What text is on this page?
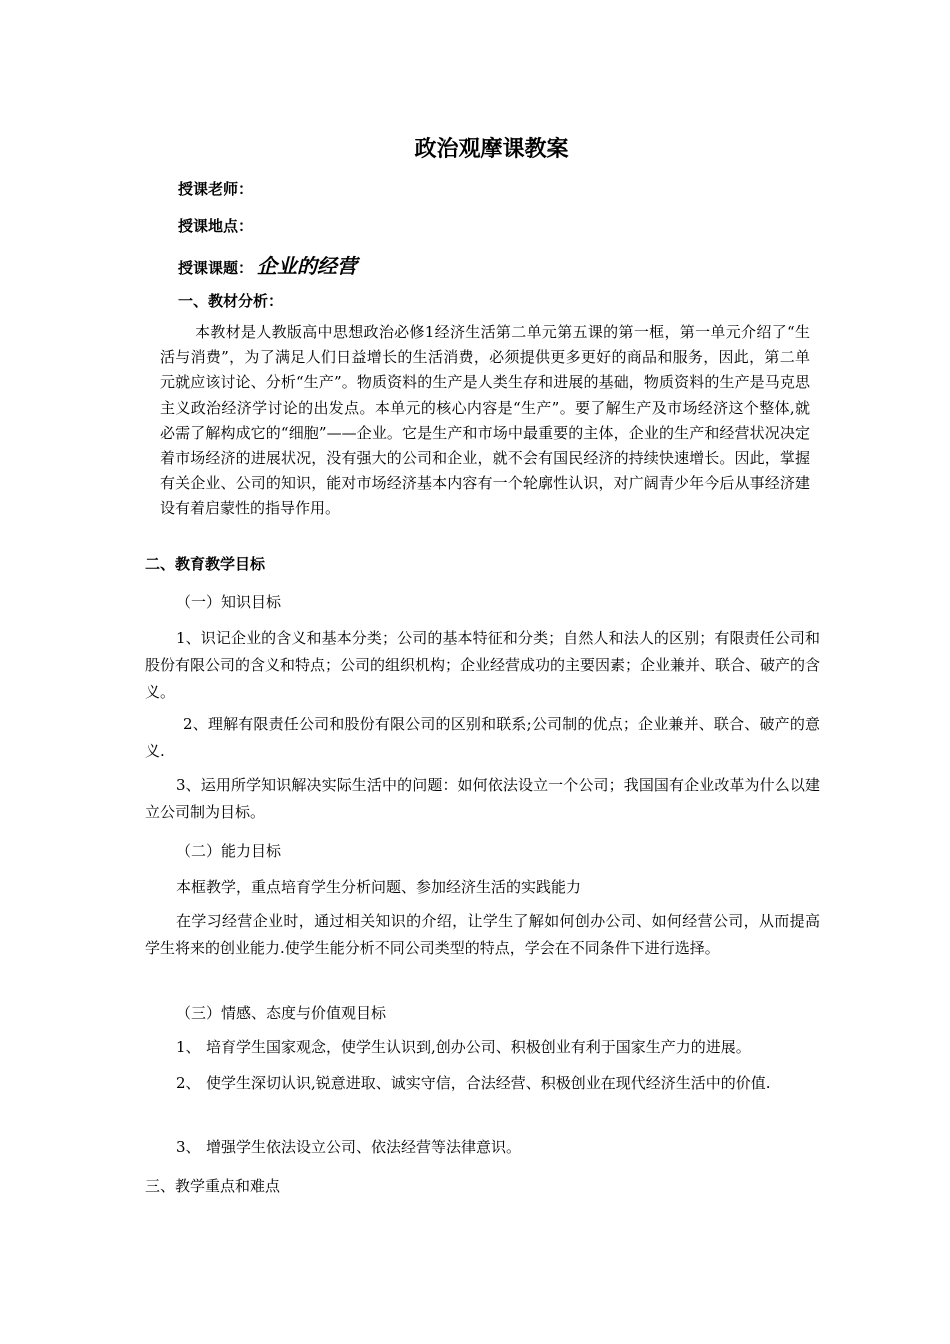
政治观摩课教案
授课老师：
授课地点：
授课课题： 企业的经营
一、教材分析：

本教材是人教版高中思想政治必修1经济生活第二单元第五课的第一框，第一单元介绍了“生活与消费”，为了满足人们日益增长的生活消费，必须提供更多更好的商品和服务，因此，第二单元就应该讨论、分析“生产”。物质资料的生产是人类生存和进展的基础，物质资料的生产是马克思主义政治经济学讨论的出发点。本单元的核心内容是“生产”。要了解生产及市场经济这个整体,就必需了解构成它的“细胞”——企业。它是生产和市场中最重要的主体，企业的生产和经营状况决定着市场经济的进展状况，没有强大的公司和企业，就不会有国民经济的持续快速增长。因此，掌握有关企业、公司的知识，能对市场经济基本内容有一个轮廓性认识，对广阔青少年今后从事经济建设有着启蒙性的指导作用。

二、教育教学目标
（一）知识目标

1、识记企业的含义和基本分类；公司的基本特征和分类；自然人和法人的区别；有限责任公司和股份有限公司的含义和特点；公司的组织机构；企业经营成功的主要因素；企业兼并、联合、破产的含义。

2、理解有限责任公司和股份有限公司的区别和联系;公司制的优点；企业兼并、联合、破产的意义.

3、运用所学知识解决实际生活中的问题：如何依法设立一个公司；我国国有企业改革为什么以建立公司制为目标。

（二）能力目标
本框教学，重点培育学生分析问题、参加经济生活的实践能力

在学习经营企业时，通过相关知识的介绍，让学生了解如何创办公司、如何经营公司，从而提高学生将来的创业能力.使学生能分析不同公司类型的特点，学会在不同条件下进行选择。

（三）情感、态度与价值观目标
1、 培育学生国家观念，使学生认识到,创办公司、积极创业有利于国家生产力的进展。
2、 使学生深切认识,锐意进取、诚实守信，合法经营、积极创业在现代经济生活中的价值.
3、 增强学生依法设立公司、依法经营等法律意识。
三、教学重点和难点
